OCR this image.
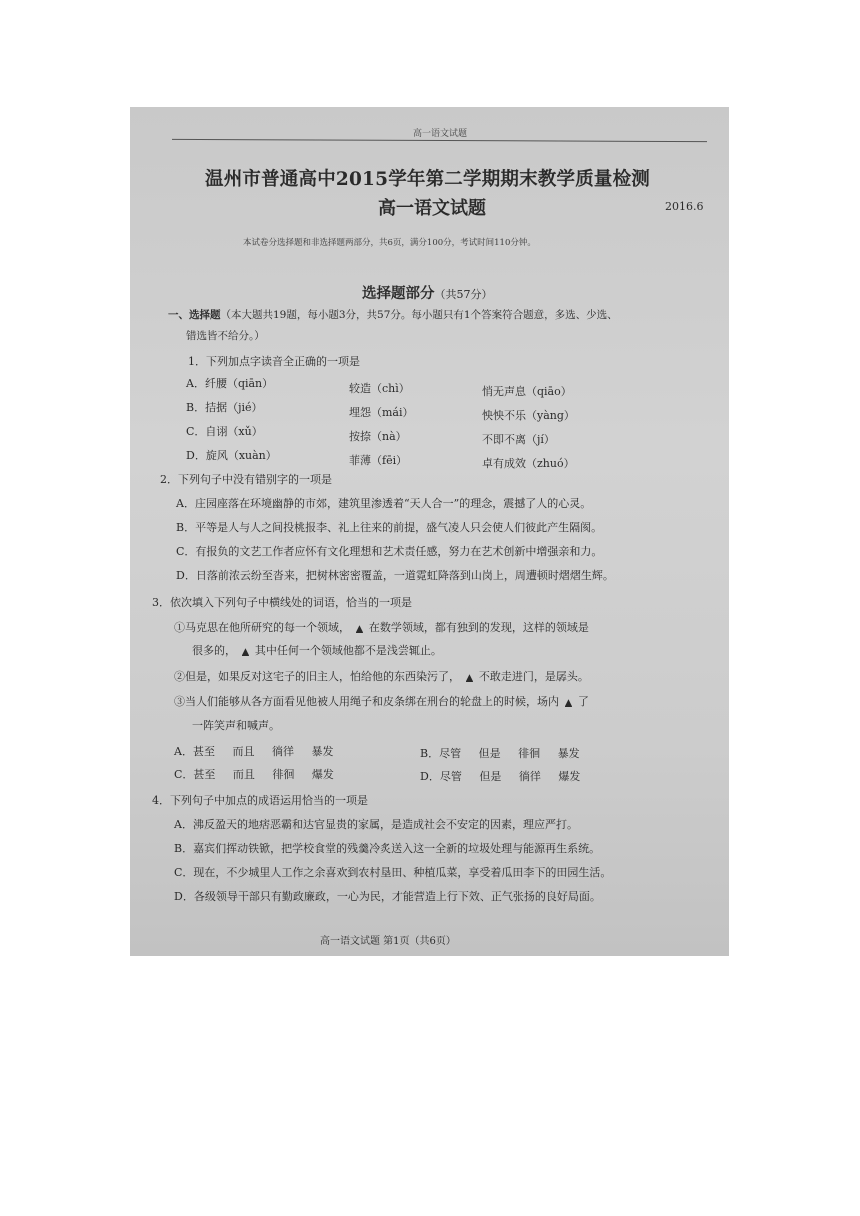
高一语文试题
温州市普通高中2015学年第二学期期末教学质量检测
高一语文试题	2016.6
本试卷分选择题和非选择题两部分，共6页，满分100分，考试时间110分钟。
选择题部分（共57分）
一、选择题（本大题共19题，每小题3分，共57分。每小题只有1个答案符合题意，多选、少选、
错选皆不给分。）
1．下列加点字读音全正确的一项是
A．纤腰（qiān）	较造（chì）	悄无声息（qiāo）
B．拮据（jié）	埋怨（mái）	怏怏不乐（yàng）
C．自诩（xǔ）	按捺（nà）	不即不离（jí）
D．旋风（xuàn）	菲薄（fēi）	卓有成效（zhuó）
2．下列句子中没有错别字的一项是
A．庄园座落在环境幽静的市郊，建筑里渗透着“天人合一”的理念，震撼了人的心灵。
B．平等是人与人之间投桃报李、礼上往来的前提，盛气凌人只会使人们彼此产生隔阂。
C．有报负的文艺工作者应怀有文化理想和艺术责任感，努力在艺术创新中增强亲和力。
D．日落前浓云纷至沓来，把树林密密覆盖，一道霓虹降落到山岗上，周遭顿时熠熠生辉。
3．依次填入下列句子中横线处的词语，恰当的一项是
①马克思在他所研究的每一个领域， ▲ 在数学领域，都有独到的发现，这样的领域是
很多的， ▲ 其中任何一个领域他都不是浅尝辄止。
②但是，如果反对这宅子的旧主人，怕给他的东西染污了， ▲ 不敢走进门，是孱头。
③当人们能够从各方面看见他被人用绳子和皮条绑在刑台的轮盘上的时候，场内 ▲ 了
一阵笑声和喊声。
A．甚至 而且 徜徉 暴发	B．尽管 但是 徘徊 暴发
C．甚至 而且 徘徊 爆发	D．尽管 但是 徜徉 爆发
4．下列句子中加点的成语运用恰当的一项是
A．沸反盈天的地痞恶霸和达官显贵的家属，是造成社会不安定的因素，理应严打。
B．嘉宾们挥动铁锨，把学校食堂的残羹冷炙送入这一全新的垃圾处理与能源再生系统。
C．现在，不少城里人工作之余喜欢到农村垦田、种植瓜菜，享受着瓜田李下的田园生活。
D．各级领导干部只有勤政廉政，一心为民，才能营造上行下效、正气张扬的良好局面。
高一语文试题 第1页（共6页）
